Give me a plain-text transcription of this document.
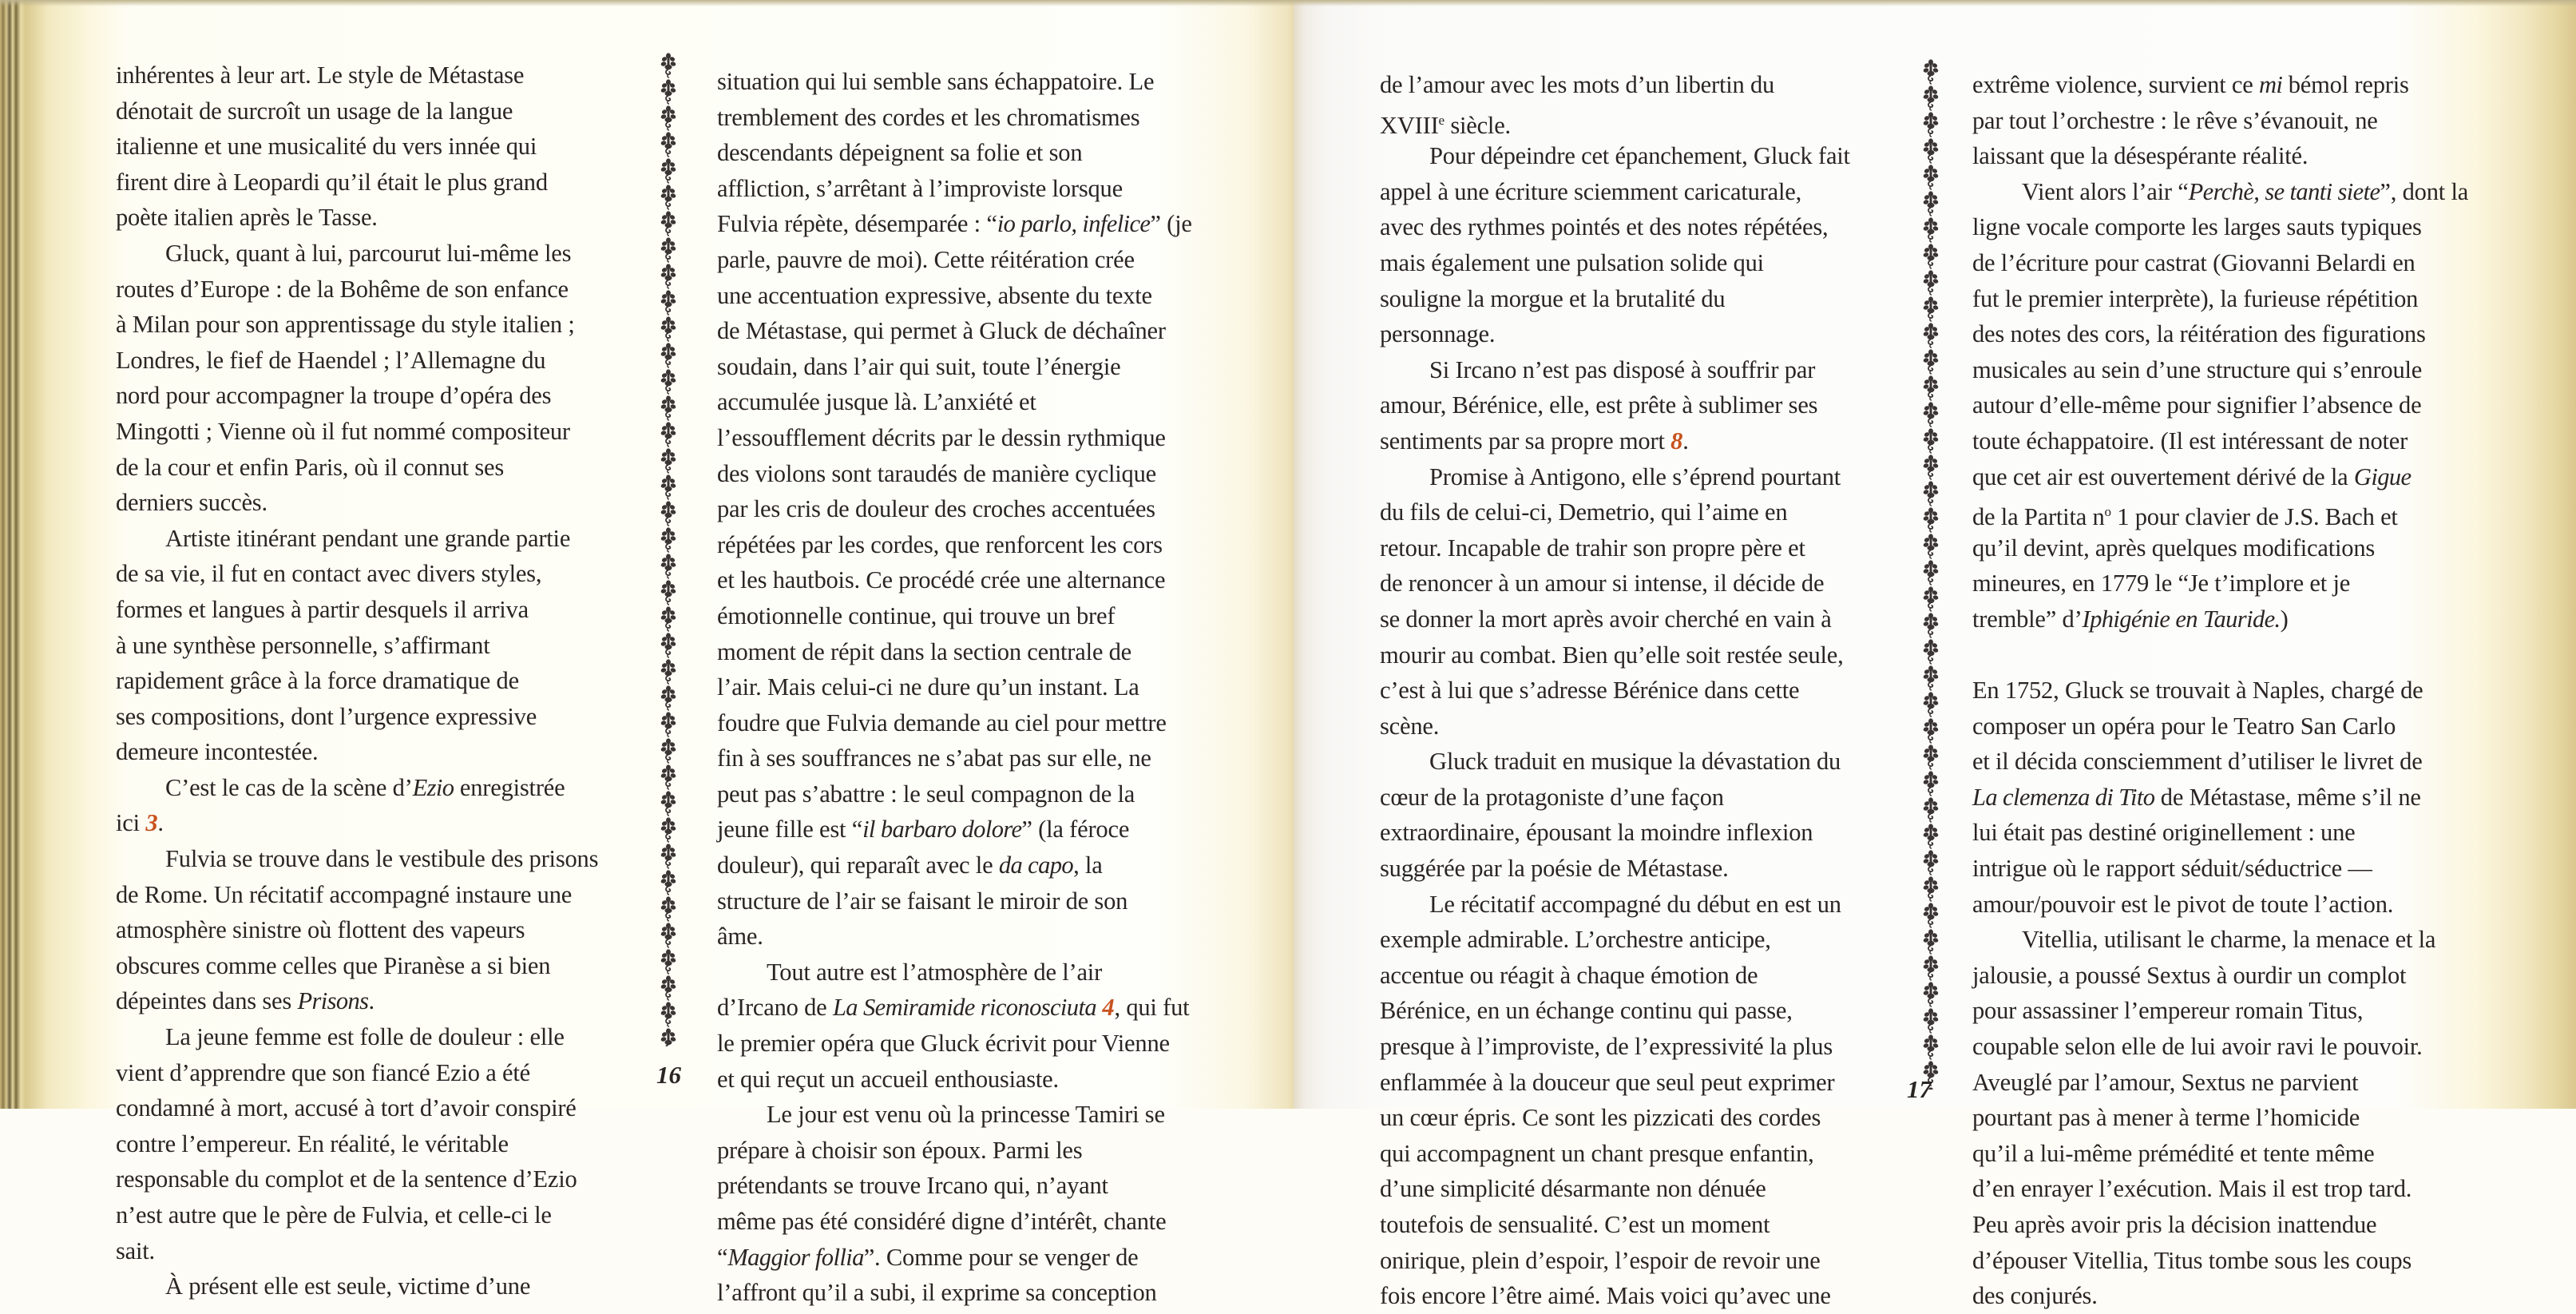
inhérentes à leur art. Le style de Métastase
dénotait de surcroît un usage de la langue
italienne et une musicalité du vers innée qui
firent dire à Leopardi qu’il était le plus grand
poète italien après le Tasse.
Gluck, quant à lui, parcourut lui-même les
routes d’Europe : de la Bohême de son enfance
à Milan pour son apprentissage du style italien ;
Londres, le fief de Haendel ; l’Allemagne du
nord pour accompagner la troupe d’opéra des
Mingotti ; Vienne où il fut nommé compositeur
de la cour et enfin Paris, où il connut ses
derniers succès.
Artiste itinérant pendant une grande partie
de sa vie, il fut en contact avec divers styles,
formes et langues à partir desquels il arriva
à une synthèse personnelle, s’affirmant
rapidement grâce à la force dramatique de
ses compositions, dont l’urgence expressive
demeure incontestée.
C’est le cas de la scène d’Ezio enregistrée
ici 3.
Fulvia se trouve dans le vestibule des prisons
de Rome. Un récitatif accompagné instaure une
atmosphère sinistre où flottent des vapeurs
obscures comme celles que Piranèse a si bien
dépeintes dans ses Prisons.
La jeune femme est folle de douleur : elle
vient d’apprendre que son fiancé Ezio a été
condamné à mort, accusé à tort d’avoir conspiré
contre l’empereur. En réalité, le véritable
responsable du complot et de la sentence d’Ezio
n’est autre que le père de Fulvia, et celle-ci le
sait.
À présent elle est seule, victime d’une
situation qui lui semble sans échappatoire. Le
tremblement des cordes et les chromatismes
descendants dépeignent sa folie et son
affliction, s’arrêtant à l’improviste lorsque
Fulvia répète, désemparée : “io parlo, infelice” (je
parle, pauvre de moi). Cette réitération crée
une accentuation expressive, absente du texte
de Métastase, qui permet à Gluck de déchaîner
soudain, dans l’air qui suit, toute l’énergie
accumulée jusque là. L’anxiété et
l’essoufflement décrits par le dessin rythmique
des violons sont taraudés de manière cyclique
par les cris de douleur des croches accentuées
répétées par les cordes, que renforcent les cors
et les hautbois. Ce procédé crée une alternance
émotionnelle continue, qui trouve un bref
moment de répit dans la section centrale de
l’air. Mais celui-ci ne dure qu’un instant. La
foudre que Fulvia demande au ciel pour mettre
fin à ses souffrances ne s’abat pas sur elle, ne
peut pas s’abattre : le seul compagnon de la
jeune fille est “il barbaro dolore” (la féroce
douleur), qui reparaît avec le da capo, la
structure de l’air se faisant le miroir de son
âme.
Tout autre est l’atmosphère de l’air
d’Ircano de La Semiramide riconosciuta 4, qui fut
le premier opéra que Gluck écrivit pour Vienne
et qui reçut un accueil enthousiaste.
Le jour est venu où la princesse Tamiri se
prépare à choisir son époux. Parmi les
prétendants se trouve Ircano qui, n’ayant
même pas été considéré digne d’intérêt, chante
“Maggior follia”. Comme pour se venger de
l’affront qu’il a subi, il exprime sa conception
16
de l’amour avec les mots d’un libertin du
XVIIIe siècle.
Pour dépeindre cet épanchement, Gluck fait
appel à une écriture sciemment caricaturale,
avec des rythmes pointés et des notes répétées,
mais également une pulsation solide qui
souligne la morgue et la brutalité du
personnage.
Si Ircano n’est pas disposé à souffrir par
amour, Bérénice, elle, est prête à sublimer ses
sentiments par sa propre mort 8.
Promise à Antigono, elle s’éprend pourtant
du fils de celui-ci, Demetrio, qui l’aime en
retour. Incapable de trahir son propre père et
de renoncer à un amour si intense, il décide de
se donner la mort après avoir cherché en vain à
mourir au combat. Bien qu’elle soit restée seule,
c’est à lui que s’adresse Bérénice dans cette
scène.
Gluck traduit en musique la dévastation du
cœur de la protagoniste d’une façon
extraordinaire, épousant la moindre inflexion
suggérée par la poésie de Métastase.
Le récitatif accompagné du début en est un
exemple admirable. L’orchestre anticipe,
accentue ou réagit à chaque émotion de
Bérénice, en un échange continu qui passe,
presque à l’improviste, de l’expressivité la plus
enflammée à la douceur que seul peut exprimer
un cœur épris. Ce sont les pizzicati des cordes
qui accompagnent un chant presque enfantin,
d’une simplicité désarmante non dénuée
toutefois de sensualité. C’est un moment
onirique, plein d’espoir, l’espoir de revoir une
fois encore l’être aimé. Mais voici qu’avec une
extrême violence, survient ce mi bémol repris
par tout l’orchestre : le rêve s’évanouit, ne
laissant que la désespérante réalité.
Vient alors l’air “Perchè, se tanti siete”, dont la
ligne vocale comporte les larges sauts typiques
de l’écriture pour castrat (Giovanni Belardi en
fut le premier interprète), la furieuse répétition
des notes des cors, la réitération des figurations
musicales au sein d’une structure qui s’enroule
autour d’elle-même pour signifier l’absence de
toute échappatoire. (Il est intéressant de noter
que cet air est ouvertement dérivé de la Gigue
de la Partita $n^o$ 1 pour clavier de J.S. Bach et
qu’il devint, après quelques modifications
mineures, en 1779 le “Je t’implore et je
tremble” d’Iphigénie en Tauride.)
En 1752, Gluck se trouvait à Naples, chargé de
composer un opéra pour le Teatro San Carlo
et il décida consciemment d’utiliser le livret de
La clemenza di Tito de Métastase, même s’il ne
lui était pas destiné originellement : une
intrigue où le rapport séduit/séductrice —
amour/pouvoir est le pivot de toute l’action.
Vitellia, utilisant le charme, la menace et la
jalousie, a poussé Sextus à ourdir un complot
pour assassiner l’empereur romain Titus,
coupable selon elle de lui avoir ravi le pouvoir.
Aveuglé par l’amour, Sextus ne parvient
pourtant pas à mener à terme l’homicide
qu’il a lui-même prémédité et tente même
d’en enrayer l’exécution. Mais il est trop tard.
Peu après avoir pris la décision inattendue
d’épouser Vitellia, Titus tombe sous les coups
des conjurés.
17
